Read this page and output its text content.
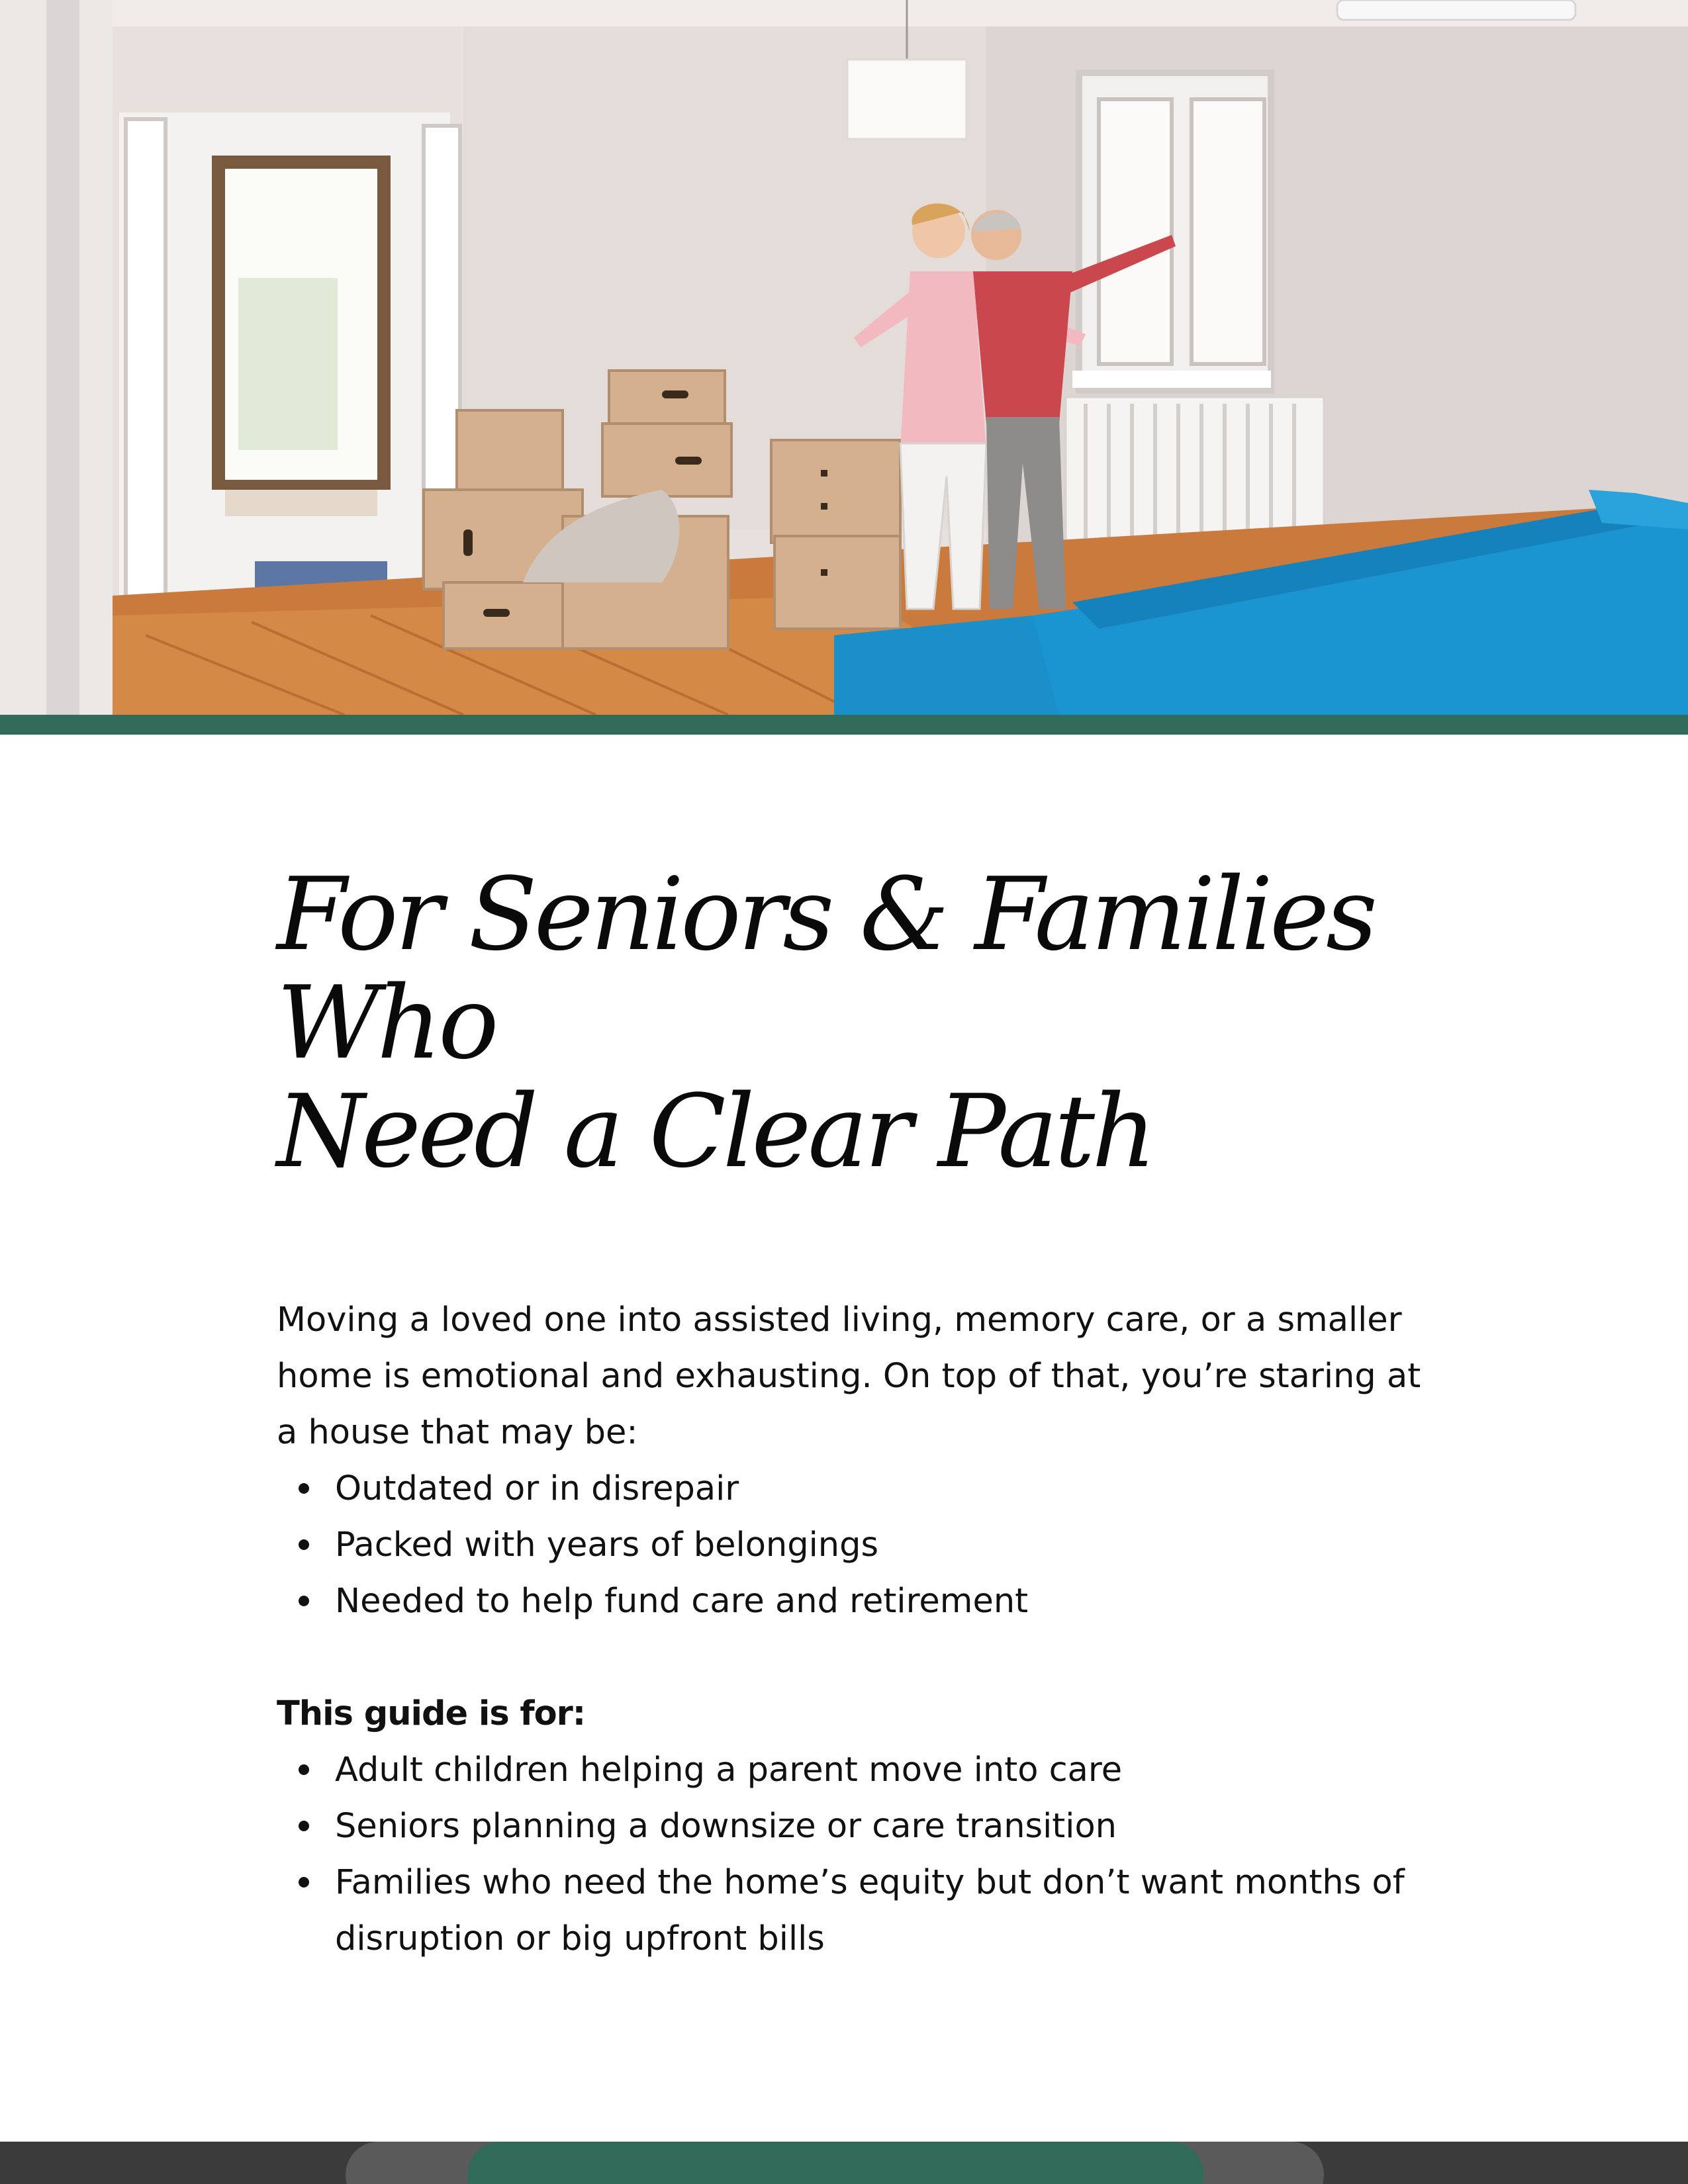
For Seniors & Families Who
Need a Clear Path

Moving a loved one into assisted living, memory care, or a smaller home is emotional and exhausting. On top of that, you’re staring at a house that may be:

Outdated or in disrepair
Packed with years of belongings
Needed to help fund care and retirement

This guide is for:

Adult children helping a parent move into care
Seniors planning a downsize or care transition
Families who need the home’s equity but don’t want months of disruption or big upfront bills
